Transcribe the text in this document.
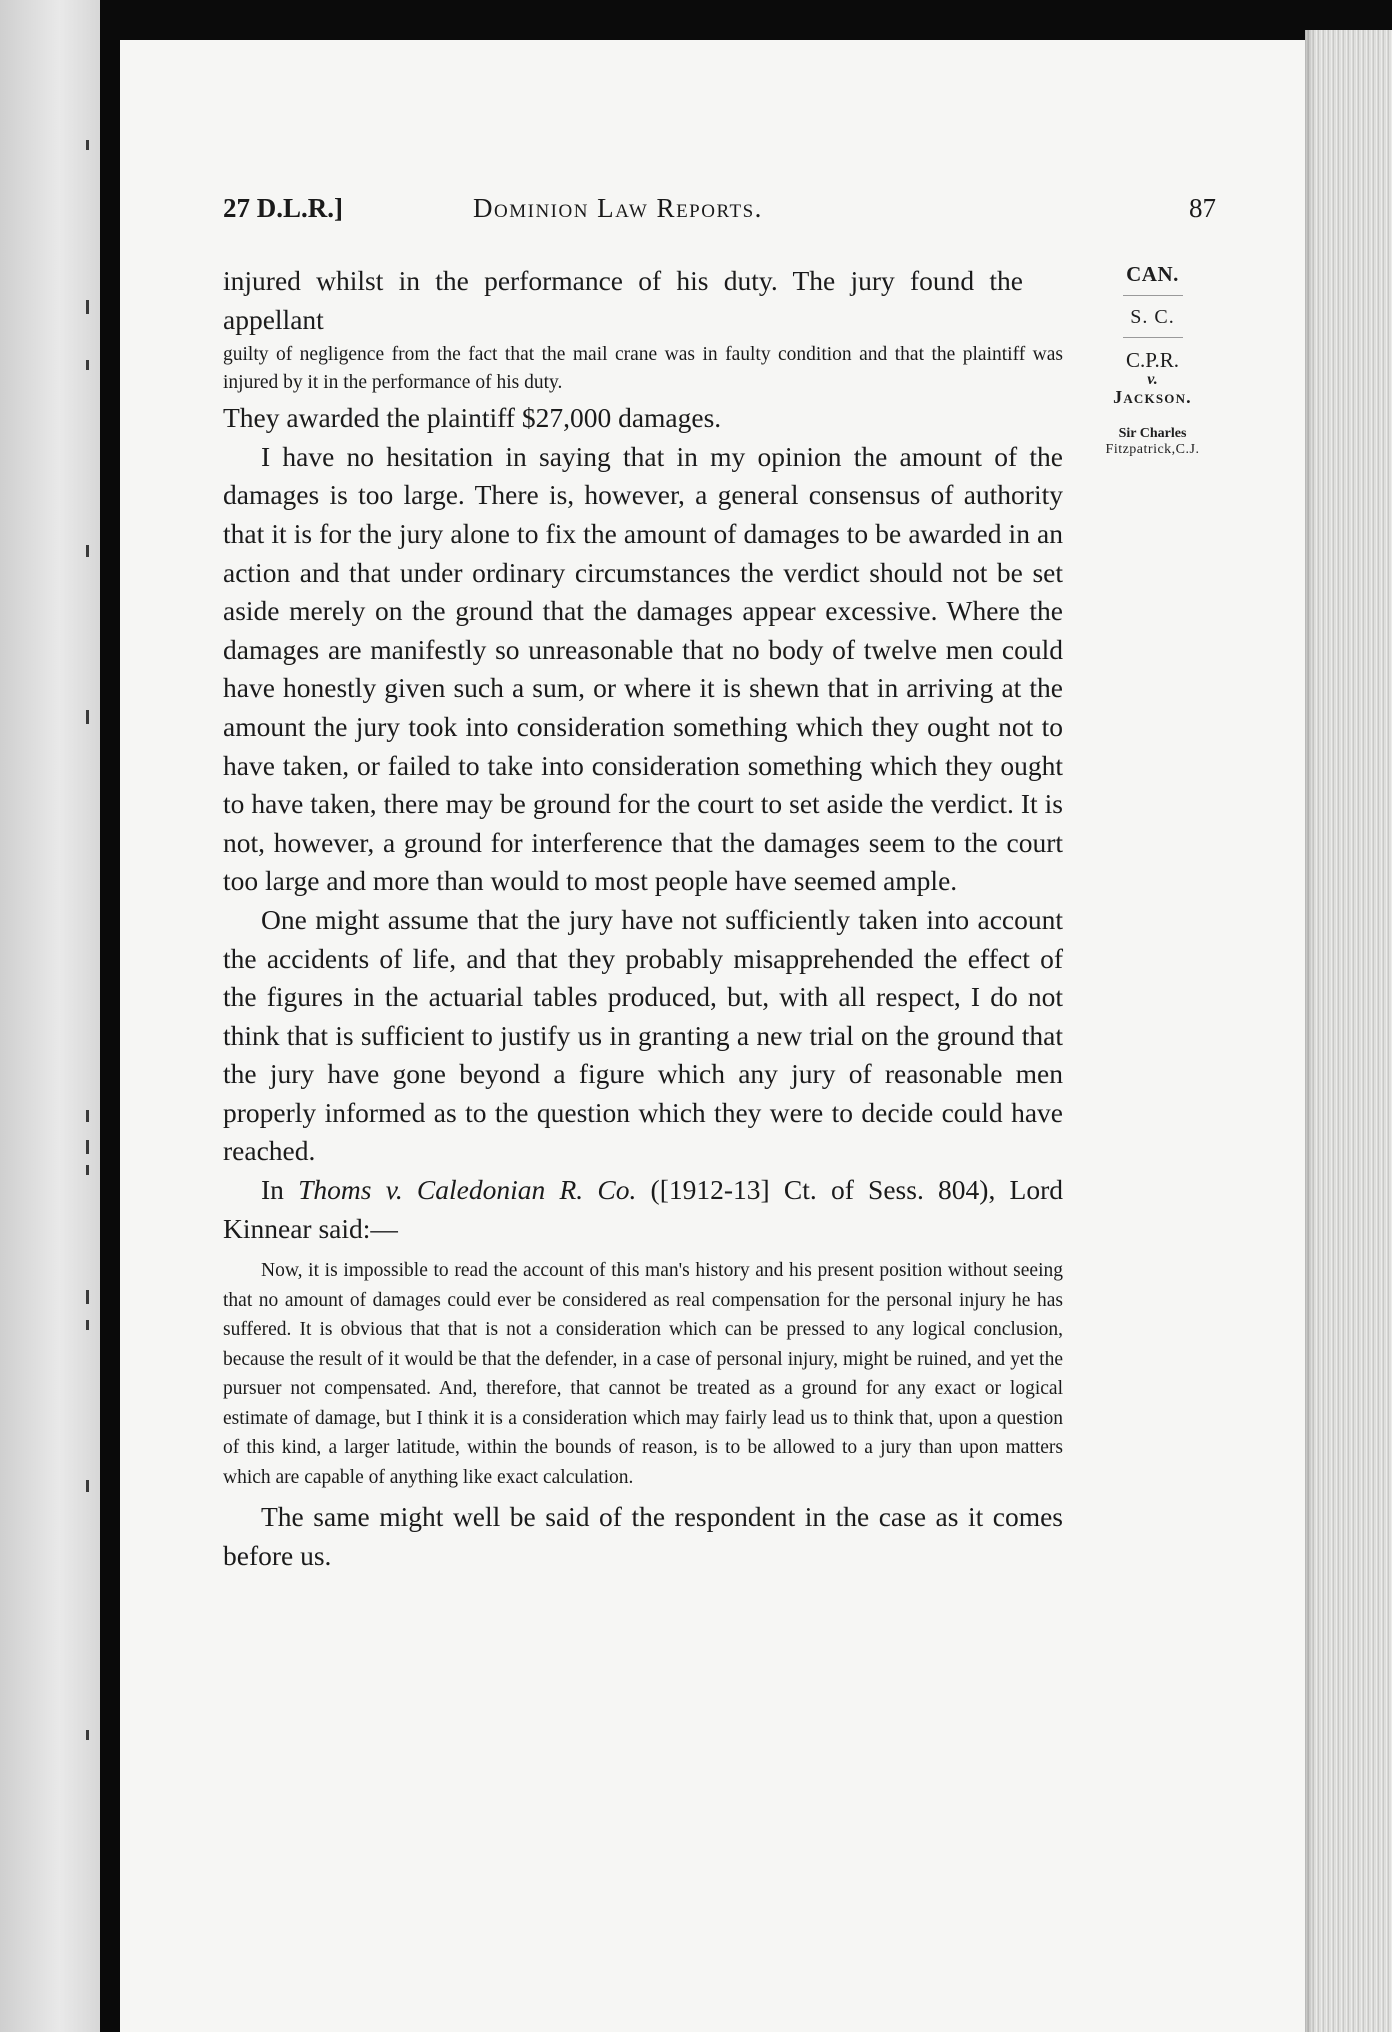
27 D.L.R.]	Dominion Law Reports.	87
CAN.
S. C.
C.P.R.
v.
Jackson.
Sir Charles
Fitzpatrick,C.J.

injured whilst in the performance of his duty. The jury found the appellant

guilty of negligence from the fact that the mail crane was in faulty condition and that the plaintiff was injured by it in the performance of his duty.

They awarded the plaintiff $27,000 damages.

I have no hesitation in saying that in my opinion the amount of the damages is too large. There is, however, a general consensus of authority that it is for the jury alone to fix the amount of damages to be awarded in an action and that under ordinary circumstances the verdict should not be set aside merely on the ground that the damages appear excessive. Where the damages are manifestly so unreasonable that no body of twelve men could have honestly given such a sum, or where it is shewn that in arriving at the amount the jury took into consideration something which they ought not to have taken, or failed to take into consideration something which they ought to have taken, there may be ground for the court to set aside the verdict. It is not, however, a ground for interference that the damages seem to the court too large and more than would to most people have seemed ample.

One might assume that the jury have not sufficiently taken into account the accidents of life, and that they probably misapprehended the effect of the figures in the actuarial tables produced, but, with all respect, I do not think that is sufficient to justify us in granting a new trial on the ground that the jury have gone beyond a figure which any jury of reasonable men properly informed as to the question which they were to decide could have reached.

In Thoms v. Caledonian R. Co. ([1912-13] Ct. of Sess. 804), Lord Kinnear said:—

Now, it is impossible to read the account of this man's history and his present position without seeing that no amount of damages could ever be considered as real compensation for the personal injury he has suffered. It is obvious that that is not a consideration which can be pressed to any logical conclusion, because the result of it would be that the defender, in a case of personal injury, might be ruined, and yet the pursuer not compensated. And, therefore, that cannot be treated as a ground for any exact or logical estimate of damage, but I think it is a consideration which may fairly lead us to think that, upon a question of this kind, a larger latitude, within the bounds of reason, is to be allowed to a jury than upon matters which are capable of anything like exact calculation.

The same might well be said of the respondent in the case as it comes before us.
